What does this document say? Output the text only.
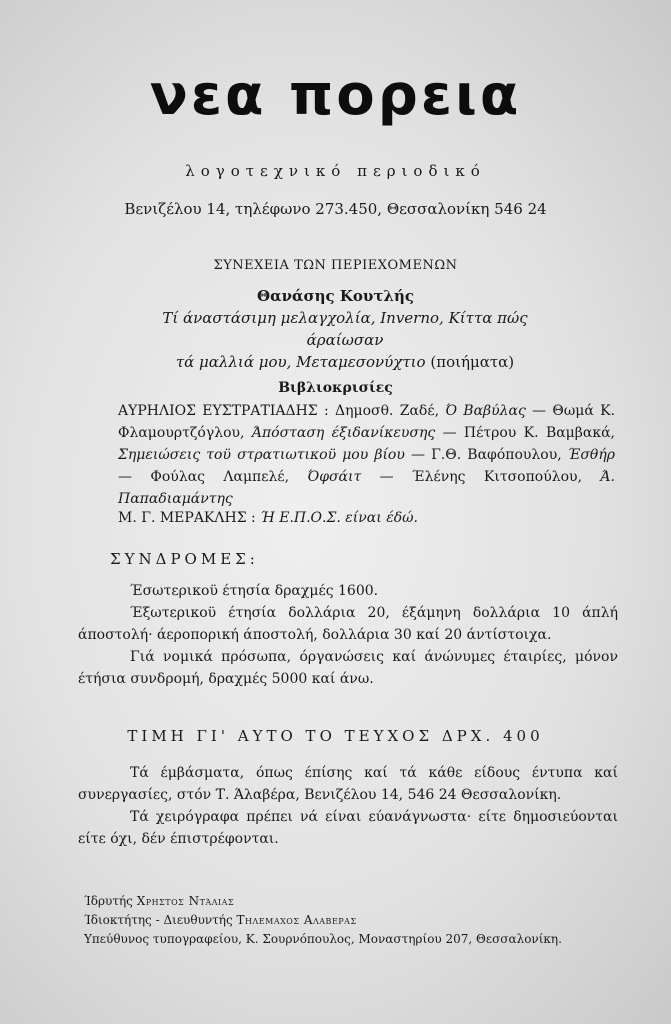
νεα πορεια
λογοτεχνικό περιοδικό
Βενιζέλου 14, τηλέφωνο 273.450, Θεσσαλονίκη 546 24
ΣΥΝΕΧΕΙΑ ΤΩΝ ΠΕΡΙΕΧΟΜΕΝΩΝ
Θανάσης Κουτλής
Τί άναστάσιμη μελαγχολία, Inverno, Κίττα πώς άραίωσαν
τά μαλλιά μου, Μεταμεσονύχτιο (ποιήματα)
Βιβλιοκρισίες
ΑΥΡΗΛΙΟΣ ΕΥΣΤΡΑΤΙΑΔΗΣ : Δημοσθ. Ζαδέ, Ό Βαβύλας — Θωμά Κ. Φλαμουρτζόγλου, Άπόσταση έξιδανίκευσης — Πέτρου Κ. Βαμβακά, Σημειώσεις τοϋ στρατιωτικοϋ μου βίου — Γ.Θ. Βαφόπουλου, Έσθήρ — Φούλας Λαμπελέ, Όφσάιτ — Έλένης Κιτσοπούλου, Ά. Παπαδιαμάντης
Μ. Γ. ΜΕΡΑΚΛΗΣ : Ή Ε.Π.Ο.Σ. είναι έδώ.
ΣΥΝΔΡΟΜΕΣ:
Έσωτερικοϋ έτησία δραχμές 1600.
Έξωτερικοϋ έτησία δολλάρια 20, έξάμηνη δολλάρια 10 άπλή άποστολή· άεροπορική άποστολή, δολλάρια 30 καί 20 άντίστοιχα.
Γιά νομικά πρόσωπα, όργανώσεις καί άνώνυμες έταιρίες, μόνον έτήσια συνδρομή, δραχμές 5000 καί άνω.
ΤΙΜΗ ΓΙ' ΑΥΤΟ ΤΟ ΤΕΥΧΟΣ ΔΡΧ. 400
Τά έμβάσματα, όπως έπίσης καί τά κάθε είδους έντυπα καί συνεργασίες, στόν Τ. Άλαβέρα, Βενιζέλου 14, 546 24 Θεσσαλονίκη.
Τά χειρόγραφα πρέπει νά είναι εύανάγνωστα· είτε δημοσιεύονται είτε όχι, δέν έπιστρέφονται.
Ίδρυτής Χρηστος Ντάλιας
Ίδιοκτήτης - Διευθυντής Τηλεμαχος Αλαβερας
Υπεύθυνος τυπογραφείου, Κ. Σουρνόπουλος, Μοναστηρίου 207, Θεσσαλονίκη.
